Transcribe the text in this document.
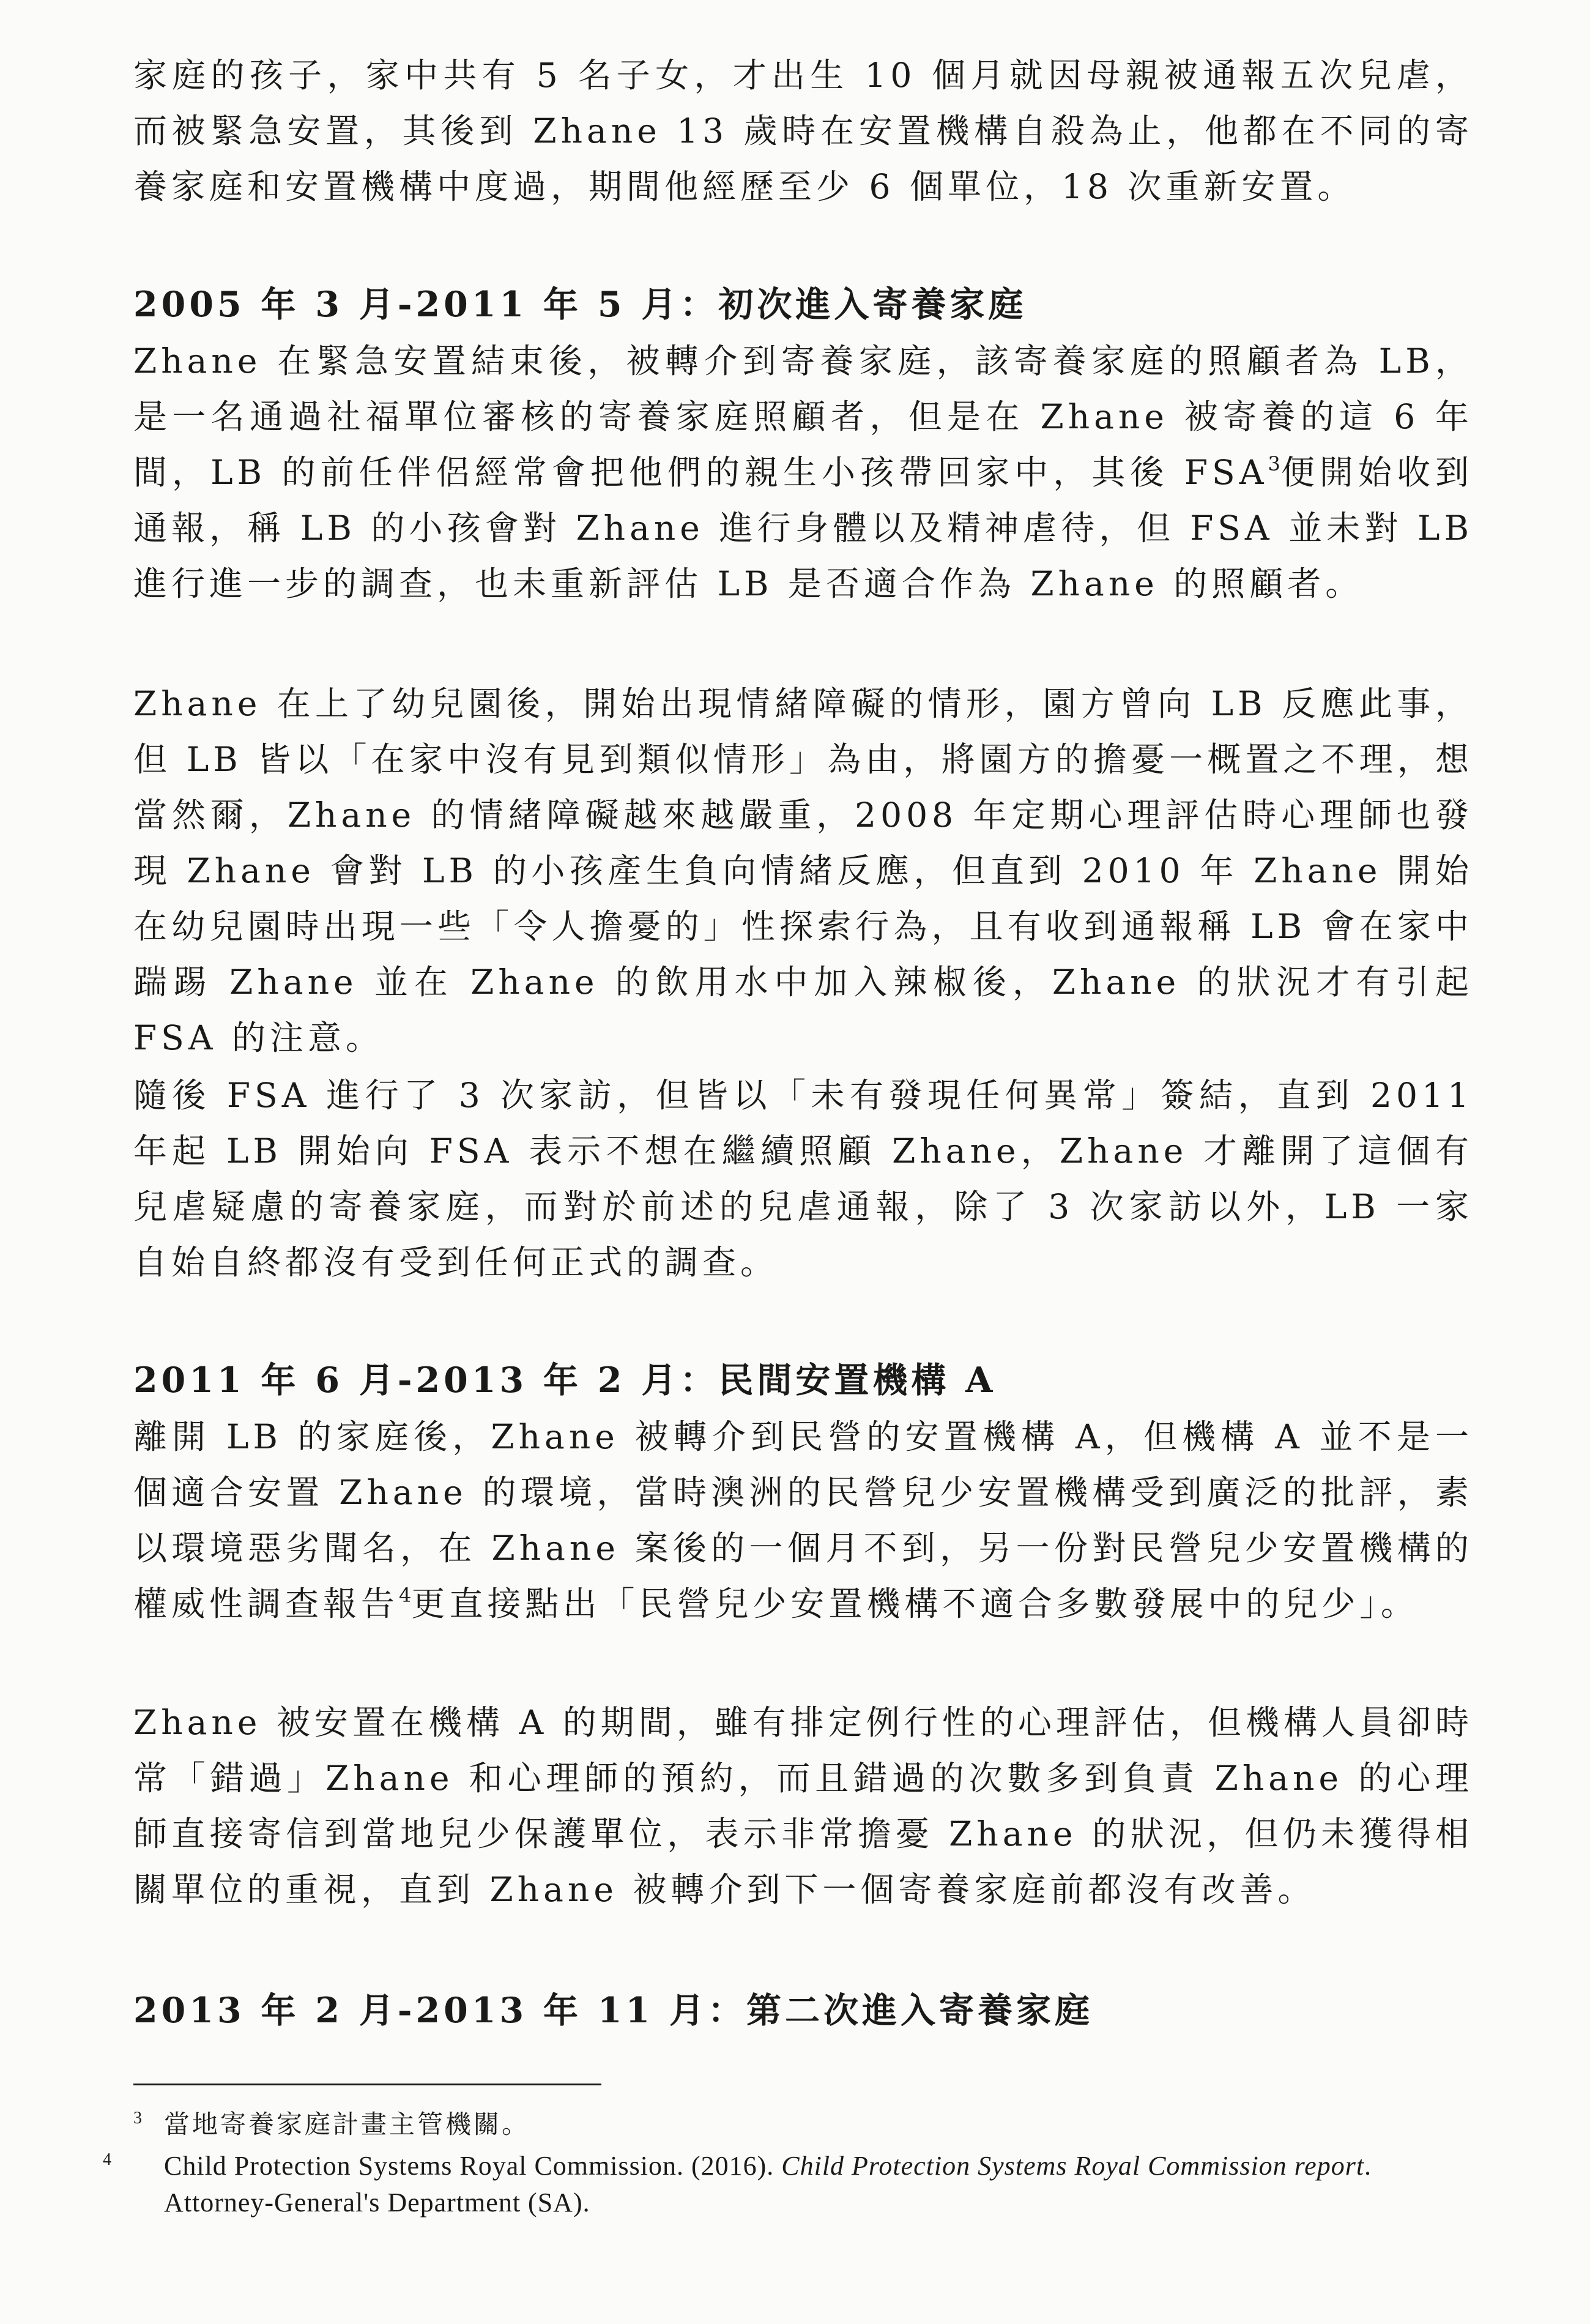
家庭的孩子，家中共有 5 名子女，才出生 10 個月就因母親被通報五次兒虐，而被緊急安置，其後到 Zhane 13 歲時在安置機構自殺為止，他都在不同的寄養家庭和安置機構中度過，期間他經歷至少 6 個單位，18 次重新安置。

2005 年 3 月-2011 年 5 月：初次進入寄養家庭

Zhane 在緊急安置結束後，被轉介到寄養家庭，該寄養家庭的照顧者為 LB，是一名通過社福單位審核的寄養家庭照顧者，但是在 Zhane 被寄養的這 6 年間，LB 的前任伴侶經常會把他們的親生小孩帶回家中，其後 FSA$^3$便開始收到通報，稱 LB 的小孩會對 Zhane 進行身體以及精神虐待，但 FSA 並未對 LB 進行進一步的調查，也未重新評估 LB 是否適合作為 Zhane 的照顧者。

Zhane 在上了幼兒園後，開始出現情緒障礙的情形，園方曾向 LB 反應此事，但 LB 皆以「在家中沒有見到類似情形」為由，將園方的擔憂一概置之不理，想當然爾，Zhane 的情緒障礙越來越嚴重，2008 年定期心理評估時心理師也發現 Zhane 會對 LB 的小孩產生負向情緒反應，但直到 2010 年 Zhane 開始在幼兒園時出現一些「令人擔憂的」性探索行為，且有收到通報稱 LB 會在家中踹踢 Zhane 並在 Zhane 的飲用水中加入辣椒後，Zhane 的狀況才有引起 FSA 的注意。

隨後 FSA 進行了 3 次家訪，但皆以「未有發現任何異常」簽結，直到 2011 年起 LB 開始向 FSA 表示不想在繼續照顧 Zhane，Zhane 才離開了這個有兒虐疑慮的寄養家庭，而對於前述的兒虐通報，除了 3 次家訪以外，LB 一家自始自終都沒有受到任何正式的調查。

2011 年 6 月-2013 年 2 月：民間安置機構 A

離開 LB 的家庭後，Zhane 被轉介到民營的安置機構 A，但機構 A 並不是一個適合安置 Zhane 的環境，當時澳洲的民營兒少安置機構受到廣泛的批評，素以環境惡劣聞名，在 Zhane 案後的一個月不到，另一份對民營兒少安置機構的權威性調查報告$^4$更直接點出「民營兒少安置機構不適合多數發展中的兒少」。

Zhane 被安置在機構 A 的期間，雖有排定例行性的心理評估，但機構人員卻時常「錯過」Zhane 和心理師的預約，而且錯過的次數多到負責 Zhane 的心理師直接寄信到當地兒少保護單位，表示非常擔憂 Zhane 的狀況，但仍未獲得相關單位的重視，直到 Zhane 被轉介到下一個寄養家庭前都沒有改善。

2013 年 2 月-2013 年 11 月：第二次進入寄養家庭

3 當地寄養家庭計畫主管機關。

4 Child Protection Systems Royal Commission. (2016). Child Protection Systems Royal Commission report. Attorney-General's Department (SA).
